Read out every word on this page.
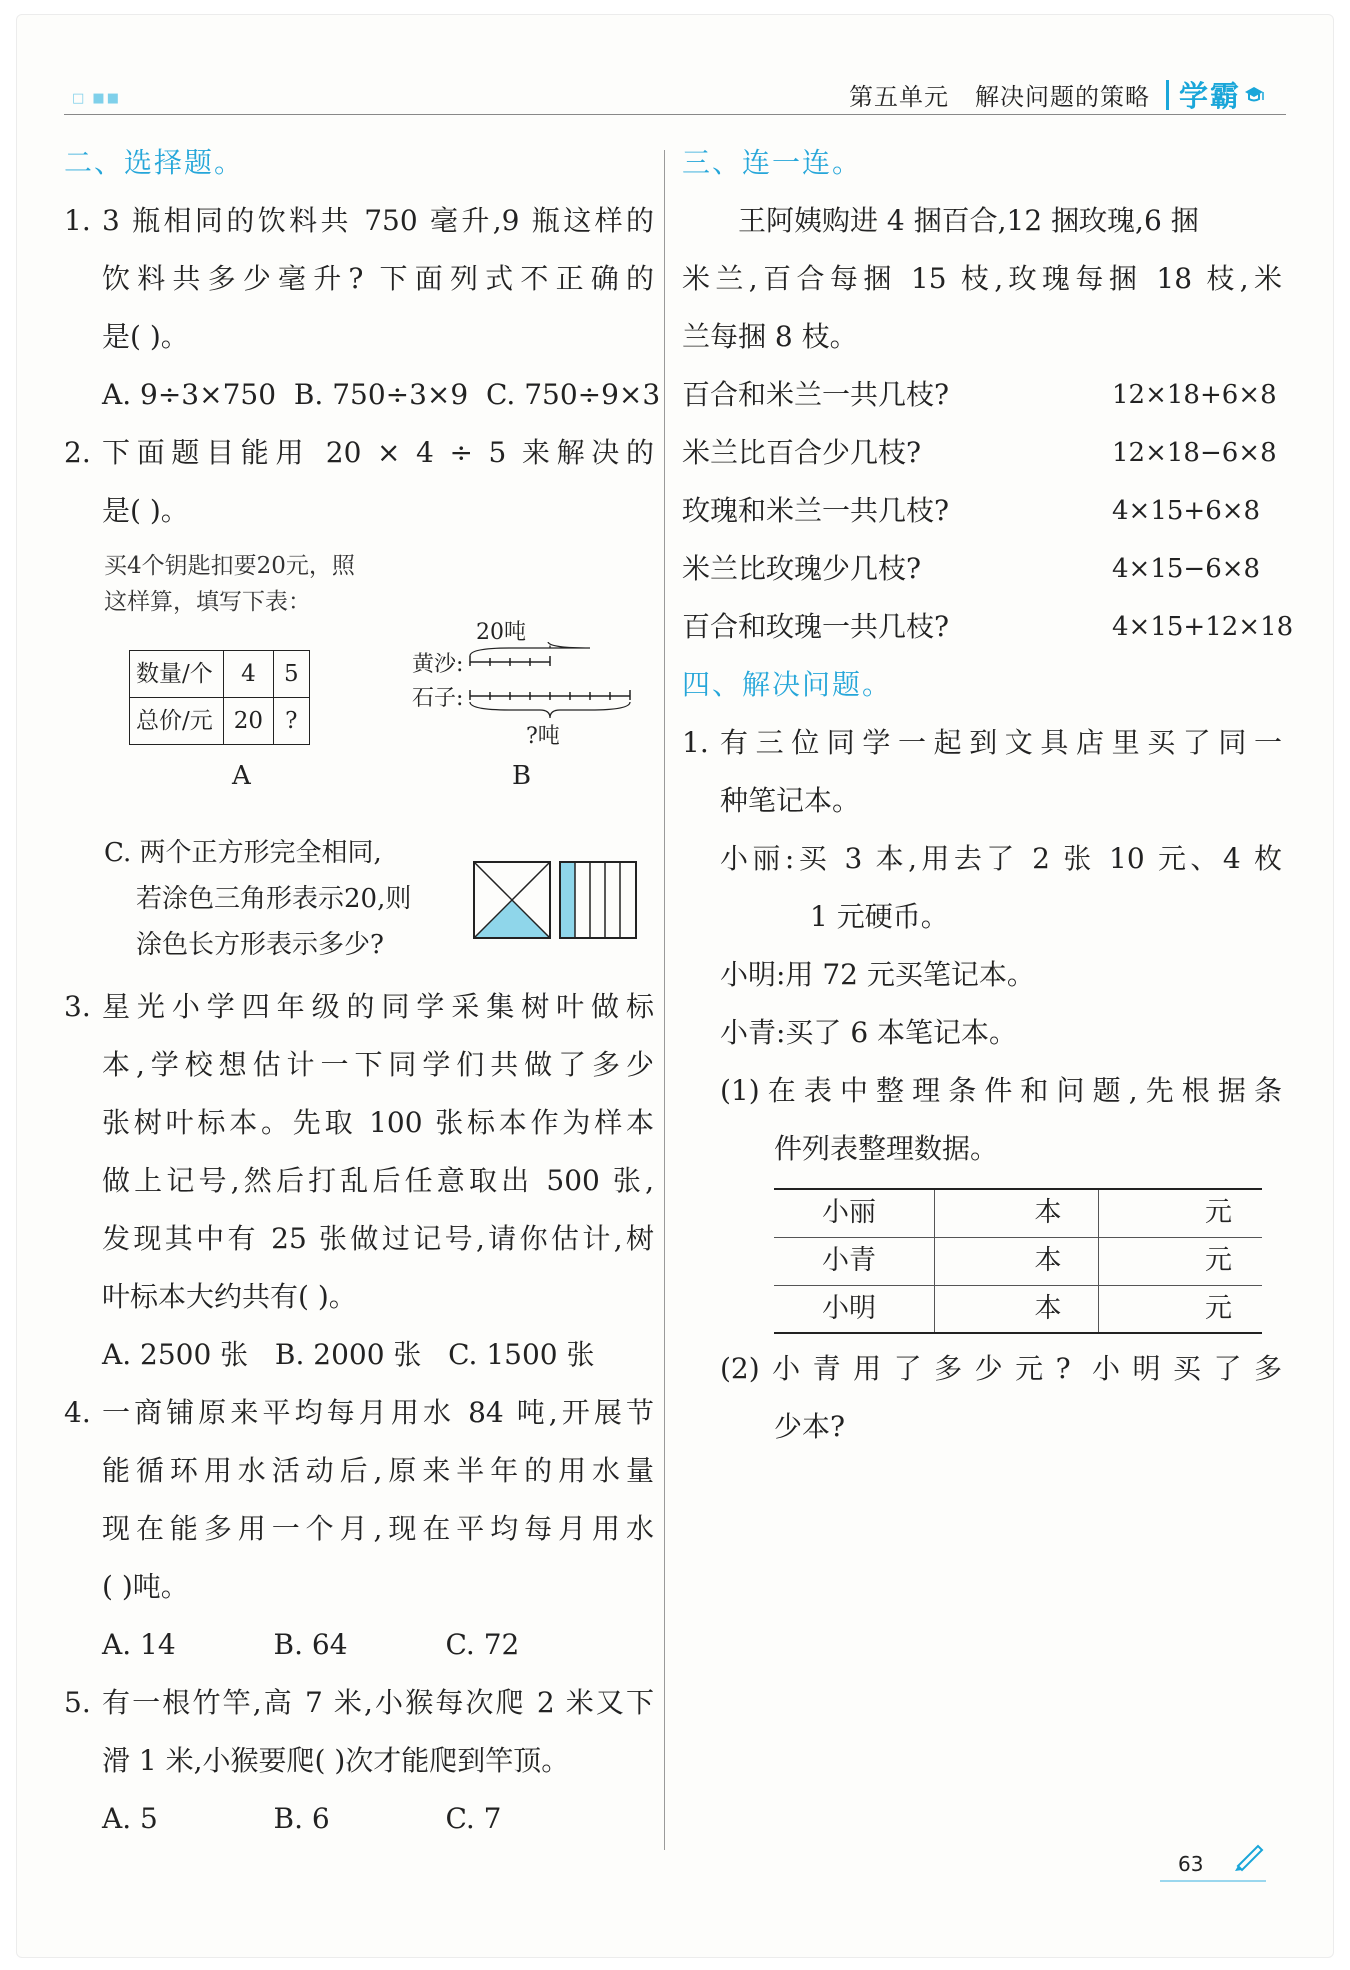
□ ■■	第五单元 解决问题的策略 学霸
二、选择题。
1. 3 瓶相同的饮料共 750 毫升,9 瓶这样的
饮料共多少毫升? 下面列式不正确的
是( )。
A. 9÷3×750  B. 750÷3×9  C. 750÷9×3
2. 下面题目能用 20 × 4 ÷ 5 来解决的
是( )。
买4个钥匙扣要20元，照
这样算，填写下表：
数量/个	4	5
总价/元	20	?
20吨
黄沙:
石子:
?吨
A	B
C. 两个正方形完全相同,
若涂色三角形表示20,则
涂色长方形表示多少?
3. 星光小学四年级的同学采集树叶做标
本,学校想估计一下同学们共做了多少
张树叶标本。先取 100 张标本作为样本
做上记号,然后打乱后任意取出 500 张,
发现其中有 25 张做过记号,请你估计,树
叶标本大约共有( )。
A. 2500 张   B. 2000 张   C. 1500 张
4. 一商铺原来平均每月用水 84 吨,开展节
能循环用水活动后,原来半年的用水量
现在能多用一个月,现在平均每月用水
( )吨。
A. 14           B. 64           C. 72
5. 有一根竹竿,高 7 米,小猴每次爬 2 米又下
滑 1 米,小猴要爬( )次才能爬到竿顶。
A. 5             B. 6             C. 7
三、连一连。
王阿姨购进 4 捆百合,12 捆玫瑰,6 捆
米兰,百合每捆 15 枝,玫瑰每捆 18 枝,米
兰每捆 8 枝。
百合和米兰一共几枝?	12×18+6×8
米兰比百合少几枝?	12×18−6×8
玫瑰和米兰一共几枝?	4×15+6×8
米兰比玫瑰少几枝?	4×15−6×8
百合和玫瑰一共几枝?	4×15+12×18
四、解决问题。
1. 有三位同学一起到文具店里买了同一
种笔记本。
小丽:买 3 本,用去了 2 张 10 元、4 枚
1 元硬币。
小明:用 72 元买笔记本。
小青:买了 6 本笔记本。
(1)在表中整理条件和问题,先根据条
件列表整理数据。
小丽	本	元
小青	本	元
小明	本	元
(2)小青用了多少元? 小明买了多
少本?
63
